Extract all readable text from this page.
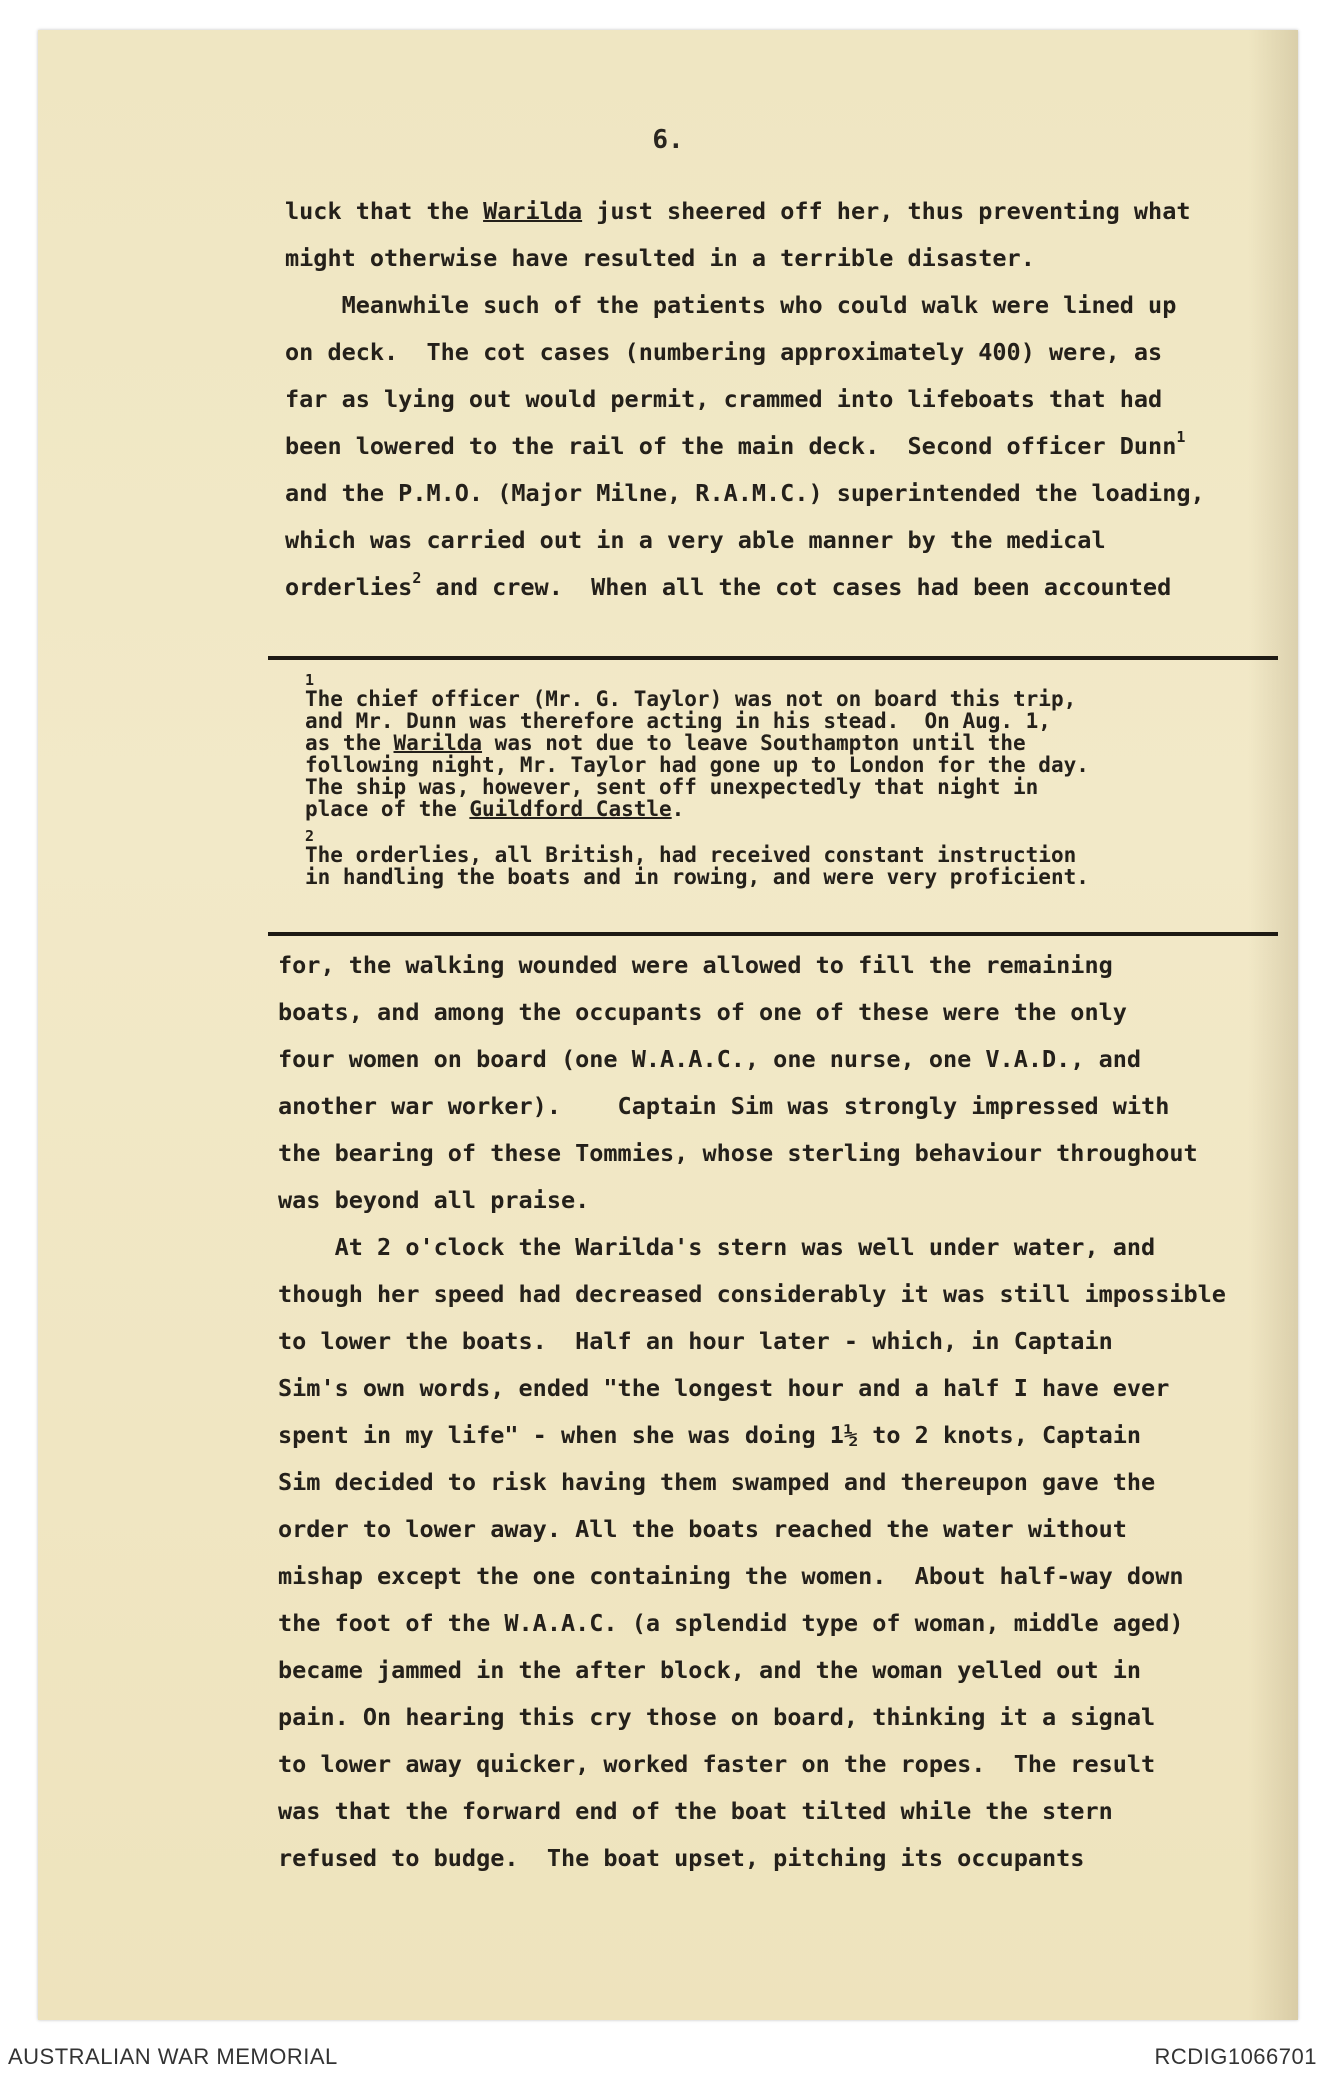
6.
luck that the Warilda just sheered off her, thus preventing what
might otherwise have resulted in a terrible disaster.
Meanwhile such of the patients who could walk were lined up
on deck.  The cot cases (numbering approximately 400) were, as
far as lying out would permit, crammed into lifeboats that had
been lowered to the rail of the main deck.  Second officer Dunn$^1$
and the P.M.O. (Major Milne, R.A.M.C.) superintended the loading,
which was carried out in a very able manner by the medical
orderlies$^2$ and crew.  When all the cot cases had been accounted
1
The chief officer (Mr. G. Taylor) was not on board this trip,
and Mr. Dunn was therefore acting in his stead.  On Aug. 1,
as the Warilda was not due to leave Southampton until the
following night, Mr. Taylor had gone up to London for the day.
The ship was, however, sent off unexpectedly that night in
place of the Guildford Castle.
2
The orderlies, all British, had received constant instruction
in handling the boats and in rowing, and were very proficient.
for, the walking wounded were allowed to fill the remaining
boats, and among the occupants of one of these were the only
four women on board (one W.A.A.C., one nurse, one V.A.D., and
another war worker).    Captain Sim was strongly impressed with
the bearing of these Tommies, whose sterling behaviour throughout
was beyond all praise.
At 2 o'clock the Warilda's stern was well under water, and
though her speed had decreased considerably it was still impossible
to lower the boats.  Half an hour later - which, in Captain
Sim's own words, ended "the longest hour and a half I have ever
spent in my life" - when she was doing 1½ to 2 knots, Captain
Sim decided to risk having them swamped and thereupon gave the
order to lower away. All the boats reached the water without
mishap except the one containing the women.  About half-way down
the foot of the W.A.A.C. (a splendid type of woman, middle aged)
became jammed in the after block, and the woman yelled out in
pain. On hearing this cry those on board, thinking it a signal
to lower away quicker, worked faster on the ropes.  The result
was that the forward end of the boat tilted while the stern
refused to budge.  The boat upset, pitching its occupants
AUSTRALIAN WAR MEMORIAL	RCDIG1066701
